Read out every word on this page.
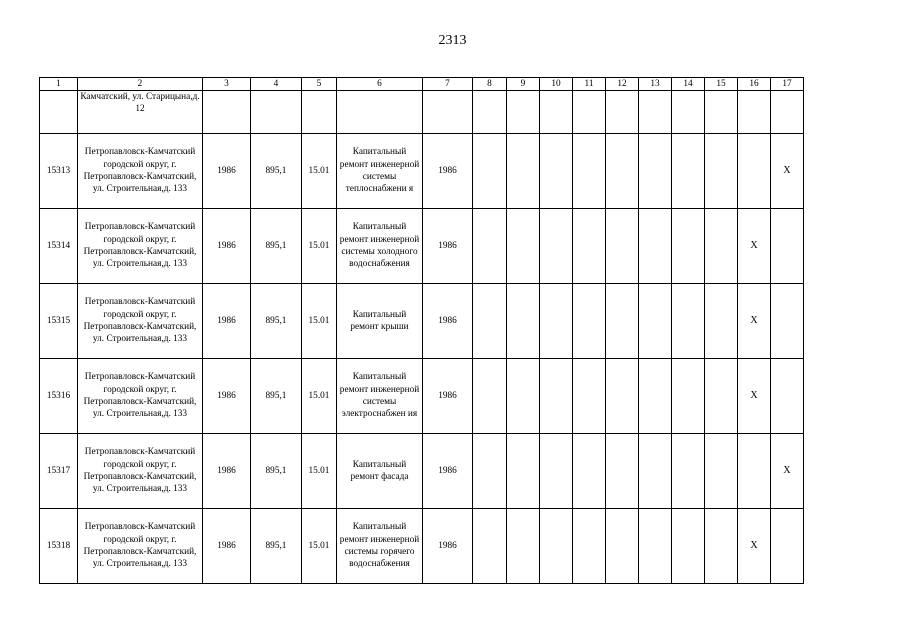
2313
1	2	3	4	5	6	7	8	9	10	11	12	13	14	15	16	17
	Камчатский, ул. Старицына,д. 12															
15313	Петропавловск-Камчатский городской округ, г. Петропавловск-Камчатский, ул. Строительная,д. 133	1986	895,1	15.01	Капитальный ремонт инженерной системы теплоснабжени я	1986										X
15314	Петропавловск-Камчатский городской округ, г. Петропавловск-Камчатский, ул. Строительная,д. 133	1986	895,1	15.01	Капитальный ремонт инженерной системы холодного водоснабжения	1986									X	
15315	Петропавловск-Камчатский городской округ, г. Петропавловск-Камчатский, ул. Строительная,д. 133	1986	895,1	15.01	Капитальный ремонт крыши	1986									X	
15316	Петропавловск-Камчатский городской округ, г. Петропавловск-Камчатский, ул. Строительная,д. 133	1986	895,1	15.01	Капитальный ремонт инженерной системы электроснабжен ия	1986									X	
15317	Петропавловск-Камчатский городской округ, г. Петропавловск-Камчатский, ул. Строительная,д. 133	1986	895,1	15.01	Капитальный ремонт фасада	1986										X
15318	Петропавловск-Камчатский городской округ, г. Петропавловск-Камчатский, ул. Строительная,д. 133	1986	895,1	15.01	Капитальный ремонт инженерной системы горячего водоснабжения	1986									X	
